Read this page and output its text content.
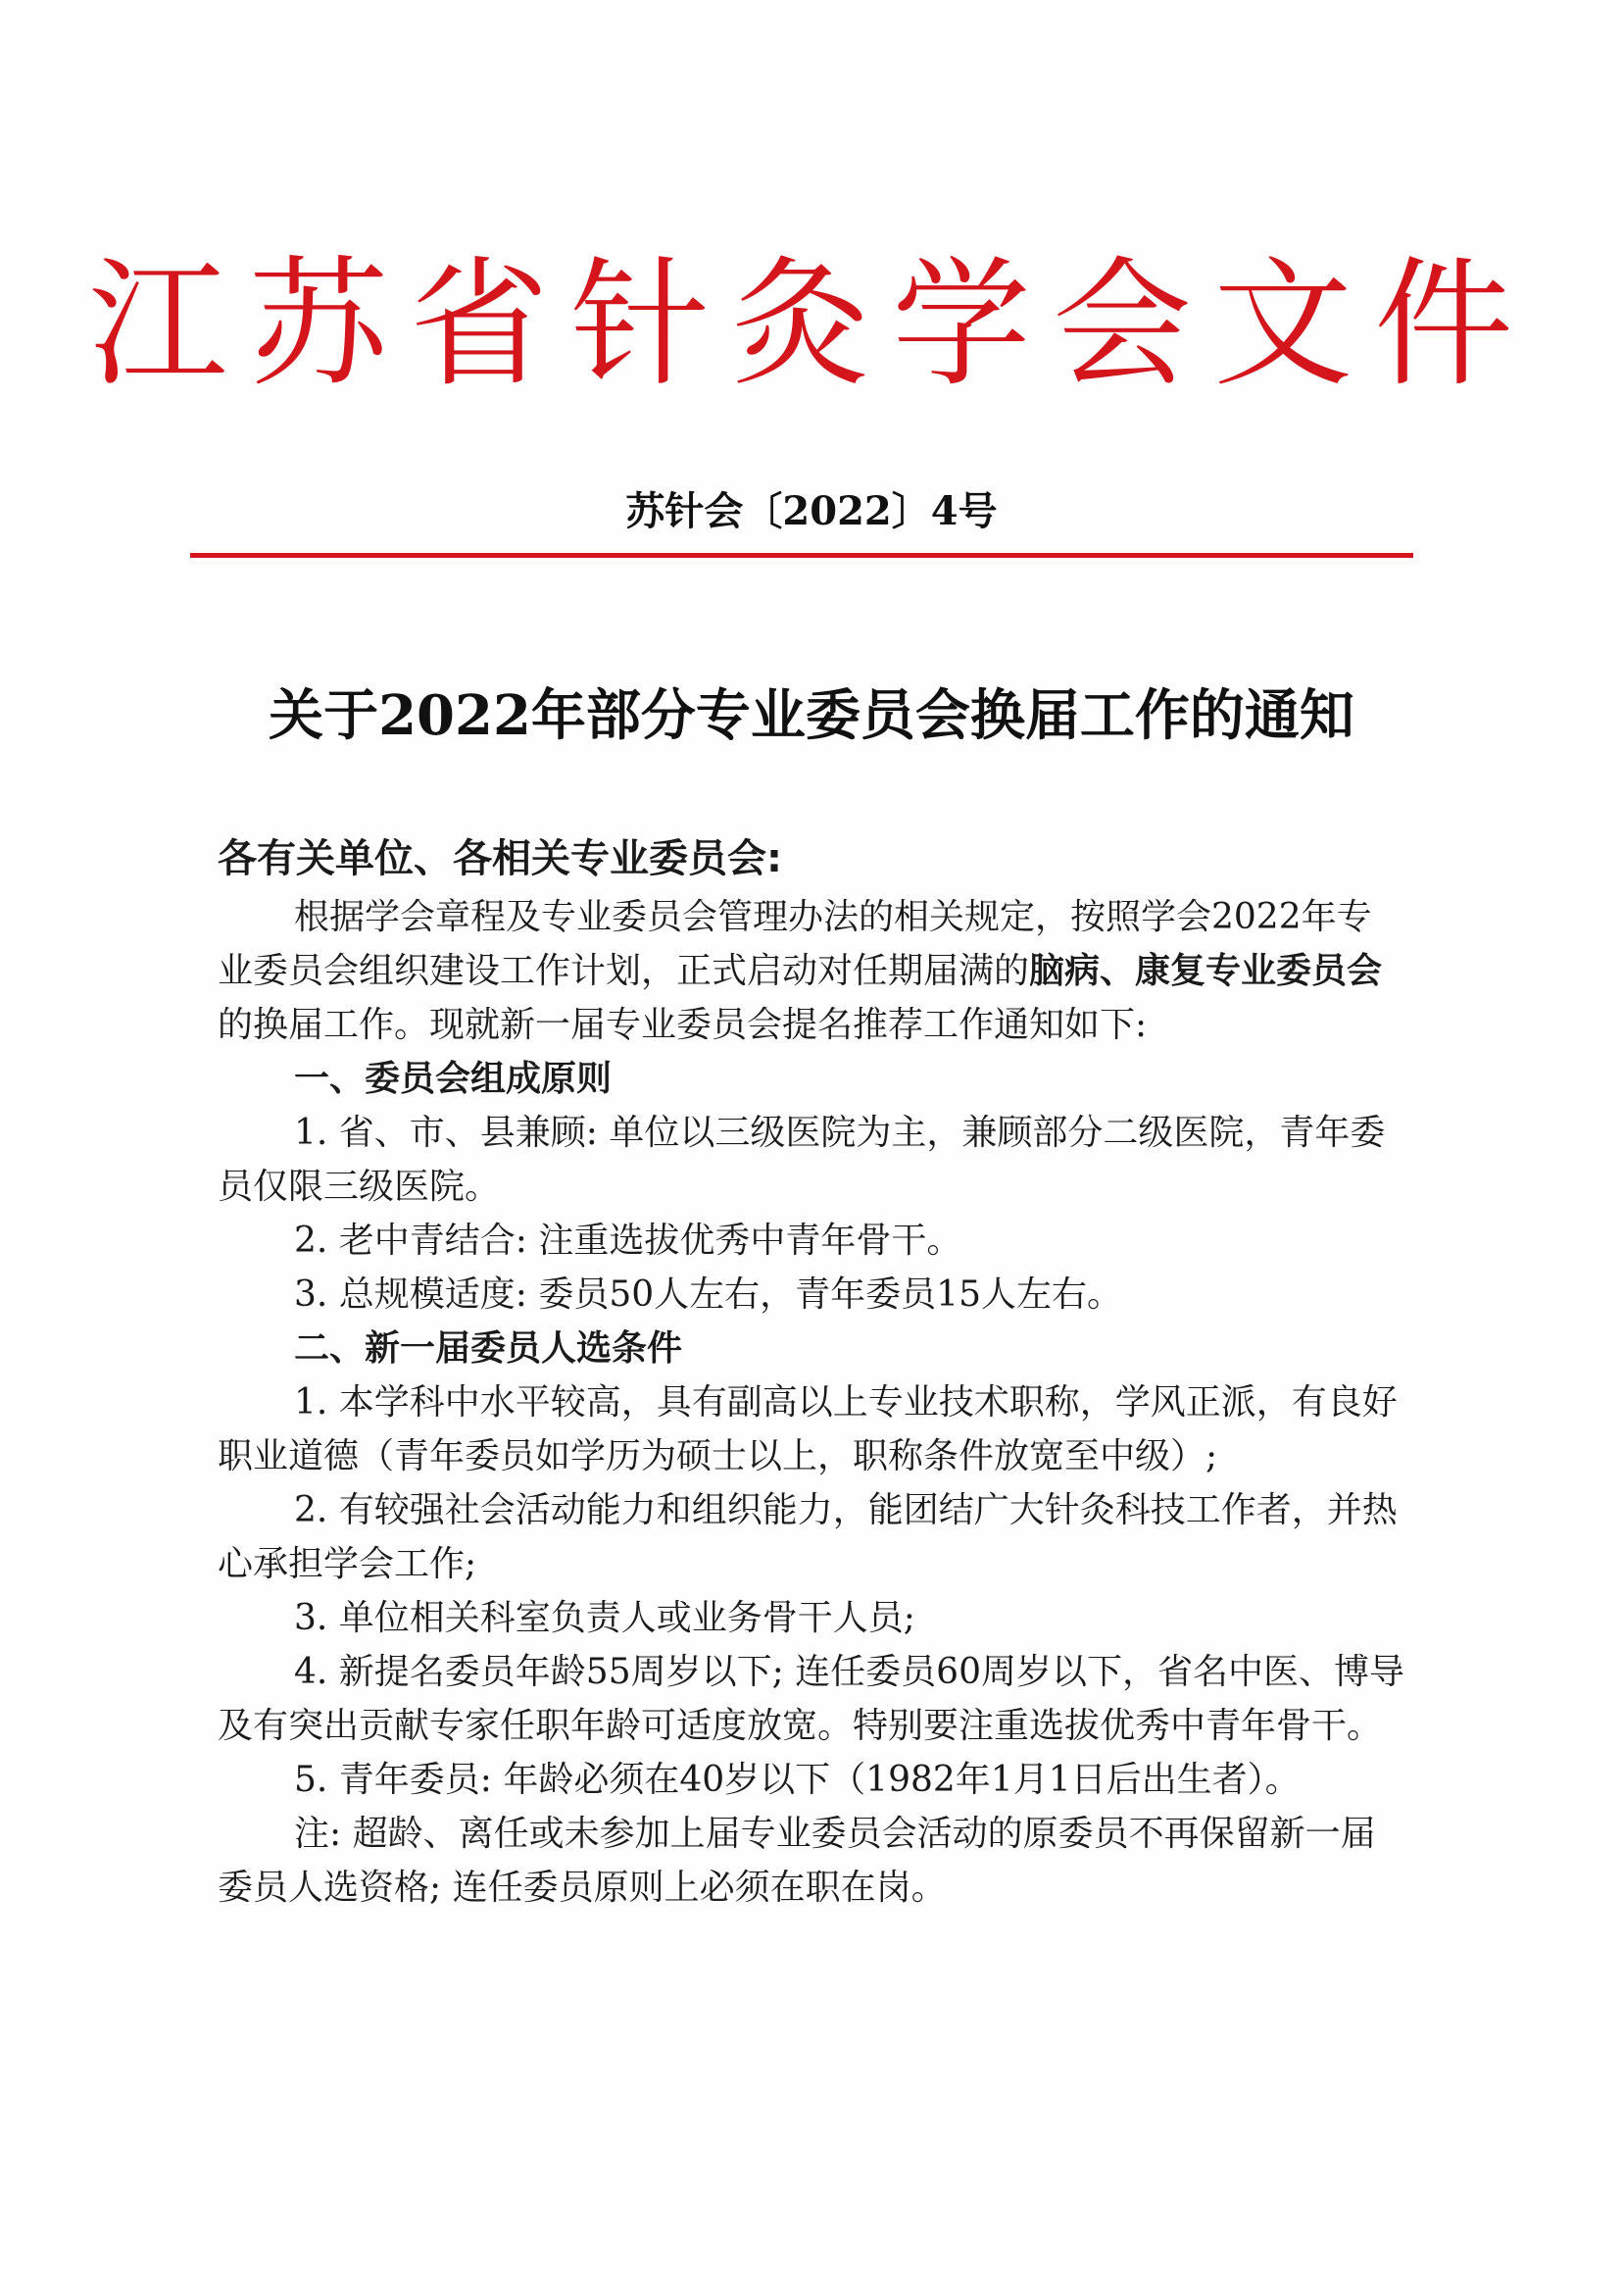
江苏省针灸学会文件
苏针会〔2022〕4号
关于2022年部分专业委员会换届工作的通知

各有关单位、各相关专业委员会:

根据学会章程及专业委员会管理办法的相关规定，按照学会2022年专业委员会组织建设工作计划，正式启动对任期届满的脑病、康复专业委员会的换届工作。现就新一届专业委员会提名推荐工作通知如下:

一、委员会组成原则

1. 省、市、县兼顾: 单位以三级医院为主，兼顾部分二级医院，青年委员仅限三级医院。

2. 老中青结合: 注重选拔优秀中青年骨干。

3. 总规模适度: 委员50人左右，青年委员15人左右。

二、新一届委员人选条件

1. 本学科中水平较高，具有副高以上专业技术职称，学风正派，有良好职业道德（青年委员如学历为硕士以上，职称条件放宽至中级）;

2. 有较强社会活动能力和组织能力，能团结广大针灸科技工作者，并热心承担学会工作;

3. 单位相关科室负责人或业务骨干人员;

4. 新提名委员年龄55周岁以下; 连任委员60周岁以下，省名中医、博导及有突出贡献专家任职年龄可适度放宽。特别要注重选拔优秀中青年骨干。

5. 青年委员: 年龄必须在40岁以下（1982年1月1日后出生者）。

注: 超龄、离任或未参加上届专业委员会活动的原委员不再保留新一届委员人选资格; 连任委员原则上必须在职在岗。
